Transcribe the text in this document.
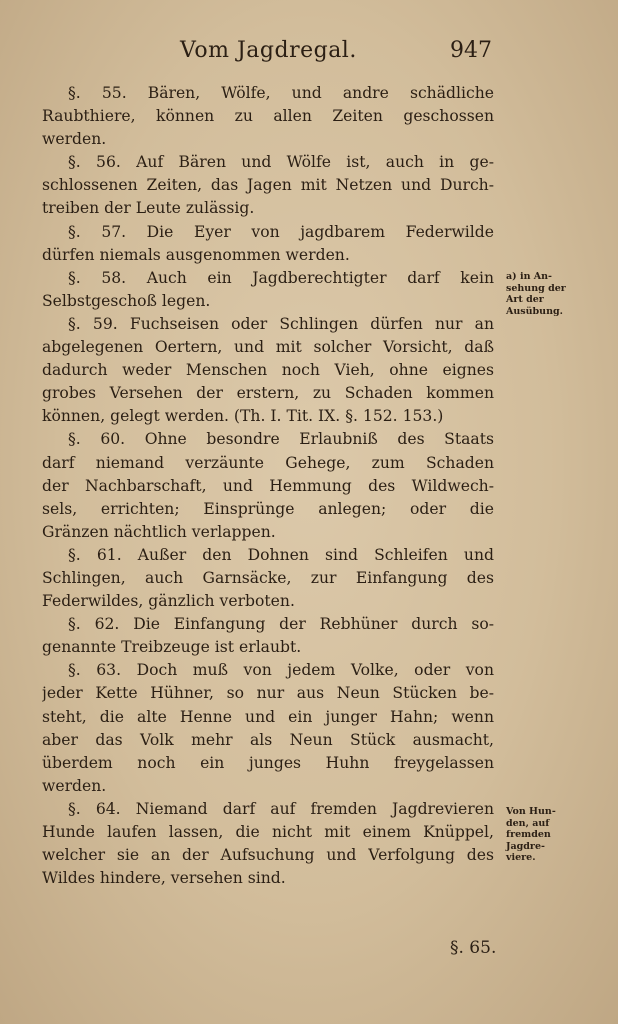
Vom Jagdregal.	947
§. 55. Bären, Wölfe, und andre schädliche
Raubthiere, können zu allen Zeiten geschossen
werden.
§. 56. Auf Bären und Wölfe ist, auch in ge-
schlossenen Zeiten, das Jagen mit Netzen und Durch-
treiben der Leute zulässig.
§. 57. Die Eyer von jagdbarem Federwilde
dürfen niemals ausgenommen werden.
§. 58. Auch ein Jagdberechtigter darf kein
Selbstgeschoß legen.
§. 59. Fuchseisen oder Schlingen dürfen nur an
abgelegenen Oertern, und mit solcher Vorsicht, daß
dadurch weder Menschen noch Vieh, ohne eignes
grobes Versehen der erstern, zu Schaden kommen
können, gelegt werden. (Th. I. Tit. IX. §. 152. 153.)
§. 60. Ohne besondre Erlaubniß des Staats
darf niemand verzäunte Gehege, zum Schaden
der Nachbarschaft, und Hemmung des Wildwech-
sels, errichten; Einsprünge anlegen; oder die
Gränzen nächtlich verlappen.
§. 61. Außer den Dohnen sind Schleifen und
Schlingen, auch Garnsäcke, zur Einfangung des
Federwildes, gänzlich verboten.
§. 62. Die Einfangung der Rebhüner durch so-
genannte Treibzeuge ist erlaubt.
§. 63. Doch muß von jedem Volke, oder von
jeder Kette Hühner, so nur aus Neun Stücken be-
steht, die alte Henne und ein junger Hahn; wenn
aber das Volk mehr als Neun Stück ausmacht,
überdem noch ein junges Huhn freygelassen
werden.
§. 64. Niemand darf auf fremden Jagdrevieren
Hunde laufen lassen, die nicht mit einem Knüppel,
welcher sie an der Aufsuchung und Verfolgung des
Wildes hindere, versehen sind.
a) in An-
sehung der
Art der
Ausübung.
Von Hun-
den, auf
fremden
Jagdre-
viere.
§. 65.
